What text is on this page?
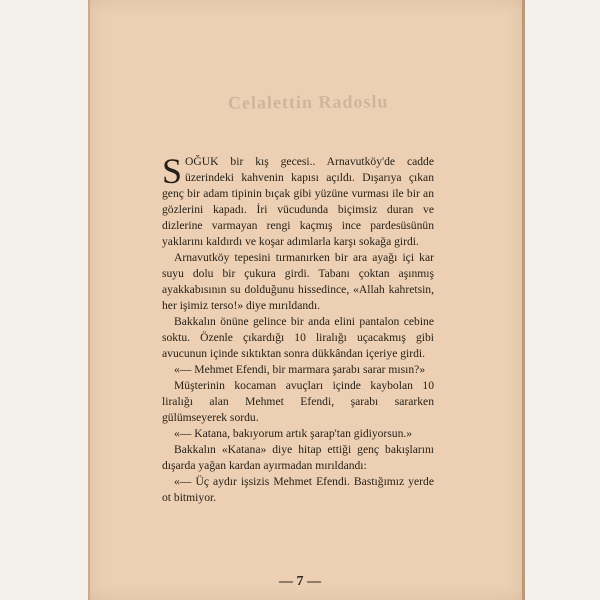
Celalettin Radoslu

SOĞUK bir kış gecesi.. Arnavutköy'de cadde üzerindeki kahvenin kapısı açıldı. Dışarıya çıkan genç bir adam tipinin bıçak gibi yüzüne vurması ile bir an gözlerini kapadı. İri vücudunda biçimsiz duran ve dizlerine varmayan rengi kaçmış ince pardesüsünün yaklarını kaldırdı ve koşar adımlarla karşı sokağa girdi.

Arnavutköy tepesini tırmanırken bir ara ayağı içi kar suyu dolu bir çukura girdi. Tabanı çoktan aşınmış ayakkabısının su dolduğunu hissedince, «Allah kahretsin, her işimiz terso!» diye mırıldandı.

Bakkalın önüne gelince bir anda elini pantalon cebine soktu. Özenle çıkardığı 10 liralığı uçacakmış gibi avucunun içinde sıktıktan sonra dükkândan içeriye girdi.

«— Mehmet Efendi, bir marmara şarabı sarar mısın?»

Müşterinin kocaman avuçları içinde kaybolan 10 liralığı alan Mehmet Efendi, şarabı sararken gülümseyerek sordu.

«— Katana, bakıyorum artık şarap'tan gidiyorsun.»

Bakkalın «Katana» diye hitap ettiği genç bakışlarını dışarda yağan kardan ayırmadan mırıldandı:

«— Üç aydır işsizis Mehmet Efendi. Bastığımız yerde ot bitmiyor.

— 7 —
